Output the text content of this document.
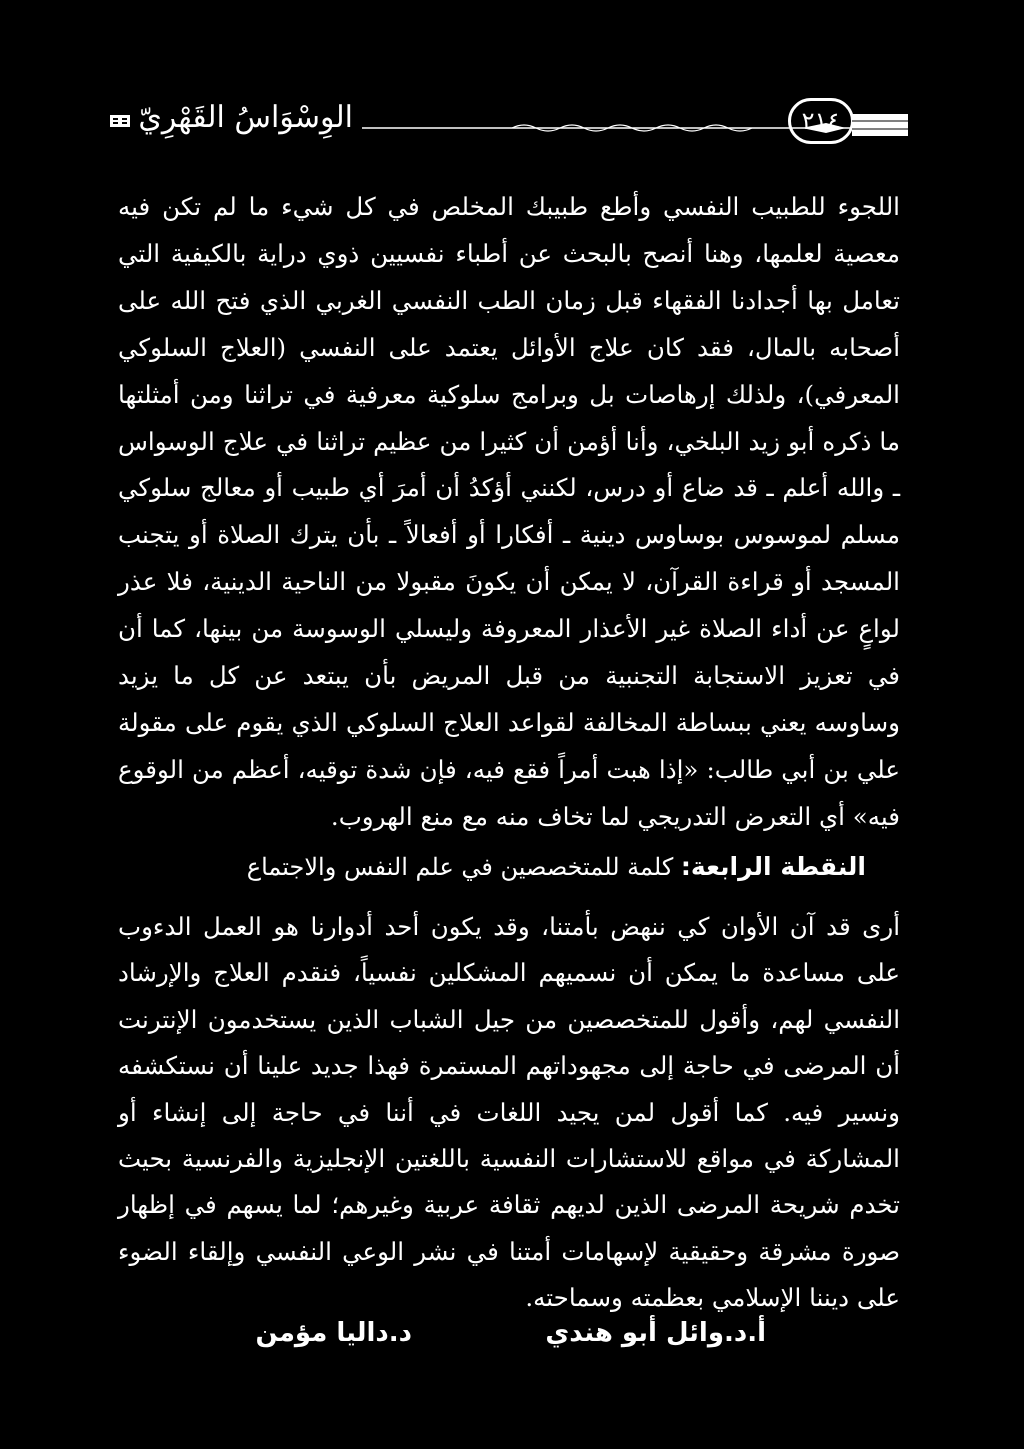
الوِسْوَاسُ القَهْرِيّ	٢١٤
اللجوء للطبيب النفسي وأطع طبيبك المخلص في كل شيء ما لم تكن فيه معصية لعلمها، وهنا أنصح بالبحث عن أطباء نفسيين ذوي دراية بالكيفية التي تعامل بها أجدادنا الفقهاء قبل زمان الطب النفسي الغربي الذي فتح الله على أصحابه بالمال، فقد كان علاج الأوائل يعتمد على النفسي (العلاج السلوكي المعرفي)، ولذلك إرهاصات بل وبرامج سلوكية معرفية في تراثنا ومن أمثلتها ما ذكره أبو زيد البلخي، وأنا أؤمن أن كثيرا من عظيم تراثنا في علاج الوسواس ـ والله أعلم ـ قد ضاع أو درس، لكنني أؤكدُ أن أمرَ أي طبيب أو معالج سلوكي مسلم لموسوس بوساوس دينية ـ أفكارا أو أفعالاً ـ بأن يترك الصلاة أو يتجنب المسجد أو قراءة القرآن، لا يمكن أن يكونَ مقبولا من الناحية الدينية، فلا عذر لواعٍ عن أداء الصلاة غير الأعذار المعروفة وليسلي الوسوسة من بينها، كما أن في تعزيز الاستجابة التجنبية من قبل المريض بأن يبتعد عن كل ما يزيد وساوسه يعني ببساطة المخالفة لقواعد العلاج السلوكي الذي يقوم على مقولة علي بن أبي طالب: «إذا هبت أمراً فقع فيه، فإن شدة توقيه، أعظم من الوقوع فيه» أي التعرض التدريجي لما تخاف منه مع منع الهروب.
النقطة الرابعة: كلمة للمتخصصين في علم النفس والاجتماع
أرى قد آن الأوان كي ننهض بأمتنا، وقد يكون أحد أدوارنا هو العمل الدءوب على مساعدة ما يمكن أن نسميهم المشكلين نفسياً، فنقدم العلاج والإرشاد النفسي لهم، وأقول للمتخصصين من جيل الشباب الذين يستخدمون الإنترنت أن المرضى في حاجة إلى مجهوداتهم المستمرة فهذا جديد علينا أن نستكشفه ونسير فيه. كما أقول لمن يجيد اللغات في أننا في حاجة إلى إنشاء أو المشاركة في مواقع للاستشارات النفسية باللغتين الإنجليزية والفرنسية بحيث تخدم شريحة المرضى الذين لديهم ثقافة عربية وغيرهم؛ لما يسهم في إظهار صورة مشرقة وحقيقية لإسهامات أمتنا في نشر الوعي النفسي وإلقاء الضوء على ديننا الإسلامي بعظمته وسماحته.
أ.د.وائل أبو هندي
د.داليا مؤمن
